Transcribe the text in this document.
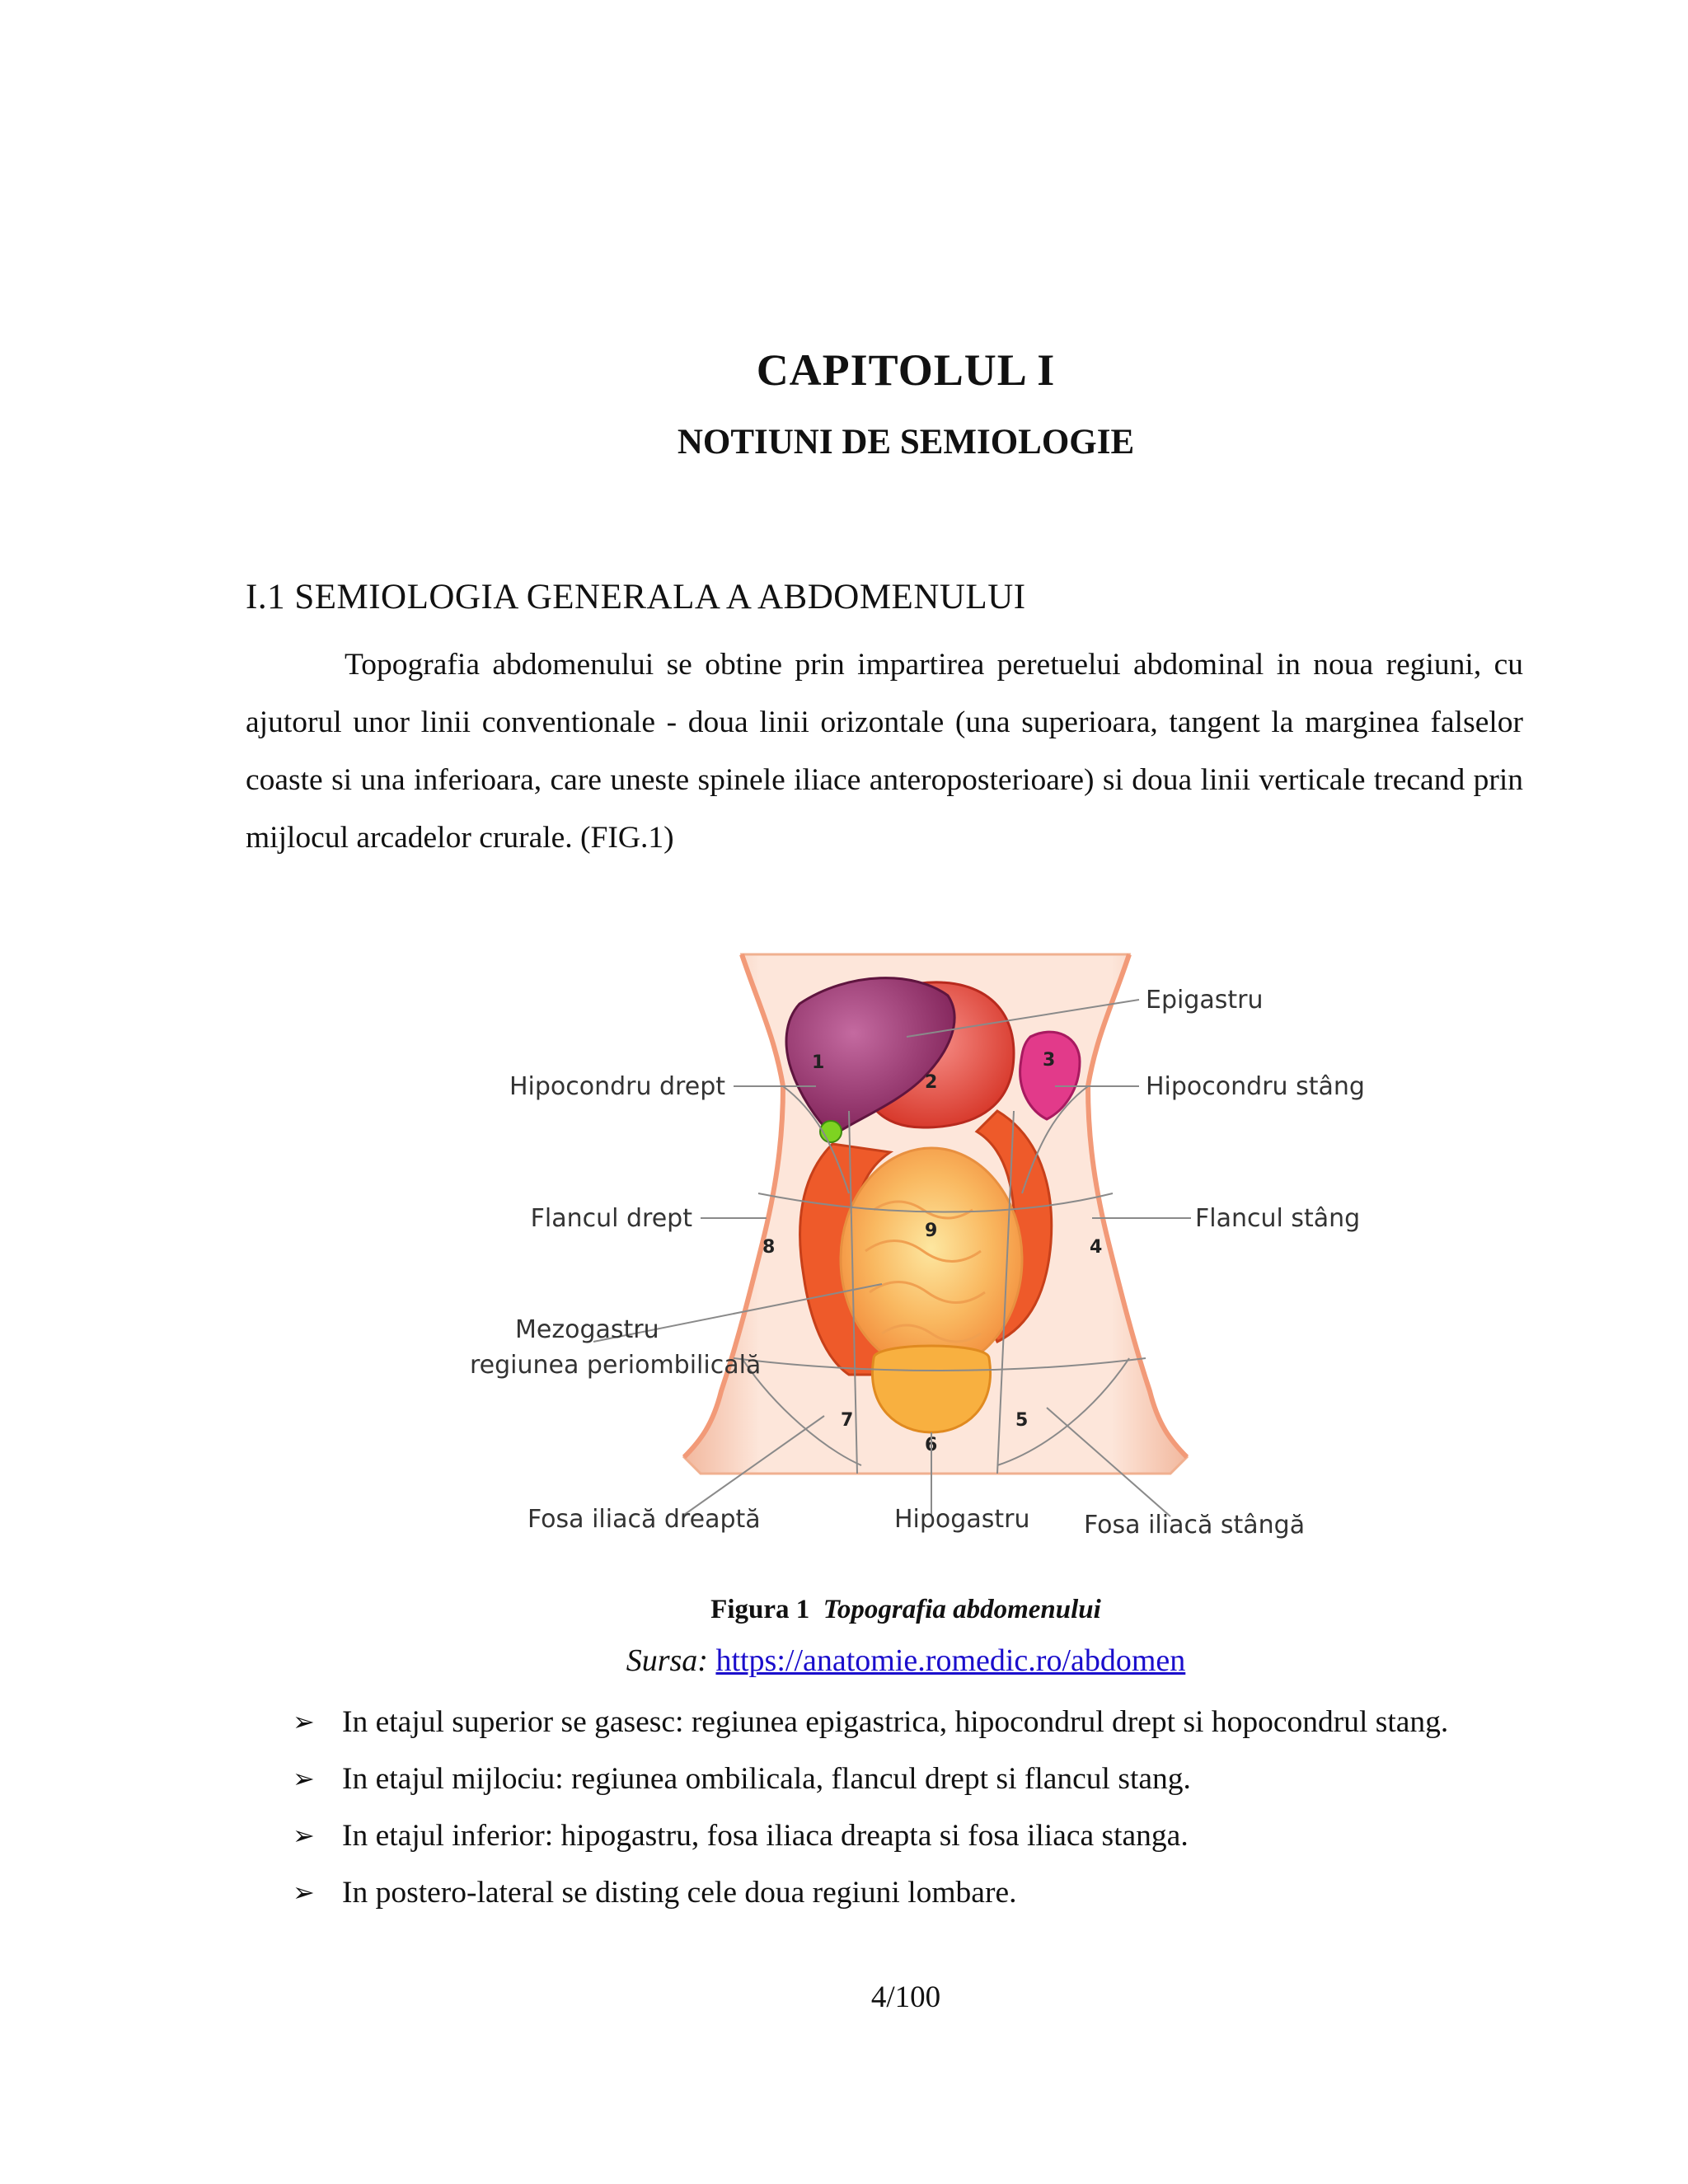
CAPITOLUL I
NOTIUNI DE SEMIOLOGIE
I.1 SEMIOLOGIA GENERALA A ABDOMENULUI

Topografia abdomenului se obtine prin impartirea peretuelui abdominal in noua regiuni, cu ajutorul unor linii conventionale - doua linii orizontale (una superioara, tangent la marginea falselor coaste si una inferioara, care uneste spinele iliace anteroposterioare) si doua linii verticale trecand prin mijlocul arcadelor crurale. (FIG.1)

1
2
3
4
5
6
7
8
9
Epigastru
Hipocondru drept	Hipocondru stâng
Flancul drept	Flancul stâng
Mezogastru
regiunea periombilicală
Fosa iliacă dreaptă	Hipogastru Fosa iliacă stângă

Figura 1 Topografia abdomenului

Sursa: https://anatomie.romedic.ro/abdomen

➢ In etajul superior se gasesc: regiunea epigastrica, hipocondrul drept si hopocondrul stang.
➢ In etajul mijlociu: regiunea ombilicala, flancul drept si flancul stang.
➢ In etajul inferior: hipogastru, fosa iliaca dreapta si fosa iliaca stanga.
➢ In postero-lateral se disting cele doua regiuni lombare.

4/100
